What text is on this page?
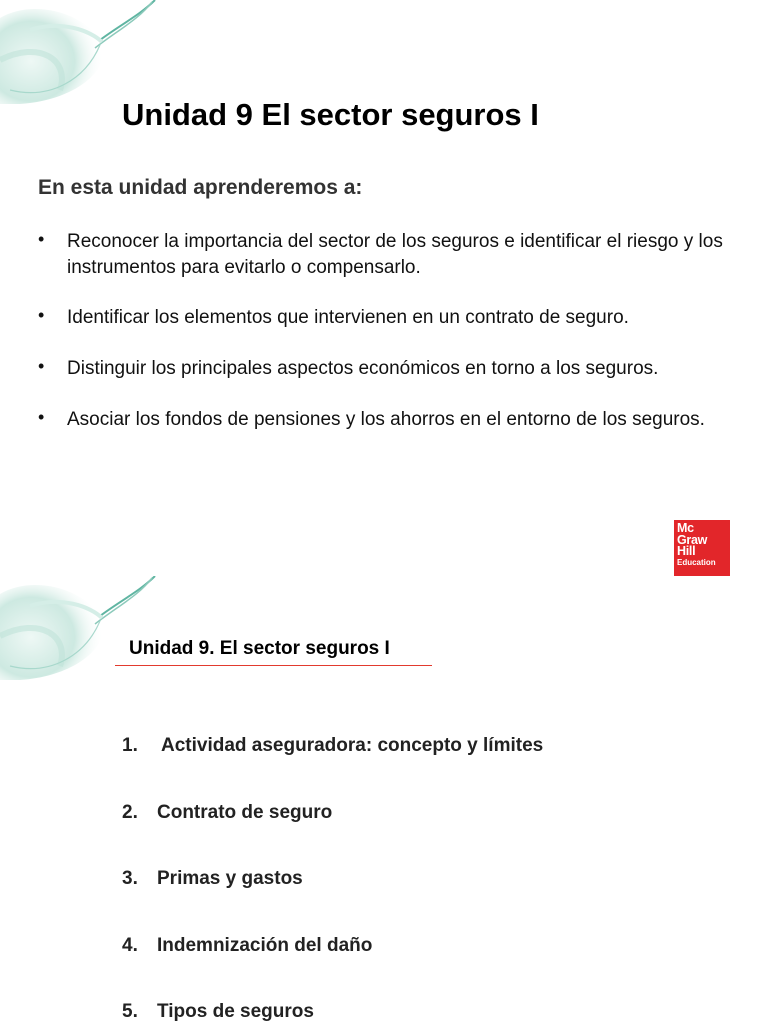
Unidad 9 El sector seguros I

En esta unidad aprenderemos a:

• Reconocer la importancia del sector de los seguros e identificar el riesgo y los instrumentos para evitarlo o compensarlo.
• Identificar los elementos que intervienen en un contrato de seguro.
• Distinguir los principales aspectos económicos en torno a los seguros.
• Asociar los fondos de pensiones y los ahorros en el entorno de los seguros.
Mc
Graw
Hill
Education
Unidad 9. El sector seguros I
1. Actividad aseguradora: concepto y límites
2. Contrato de seguro
3. Primas y gastos
4. Indemnización del daño
5. Tipos de seguros
